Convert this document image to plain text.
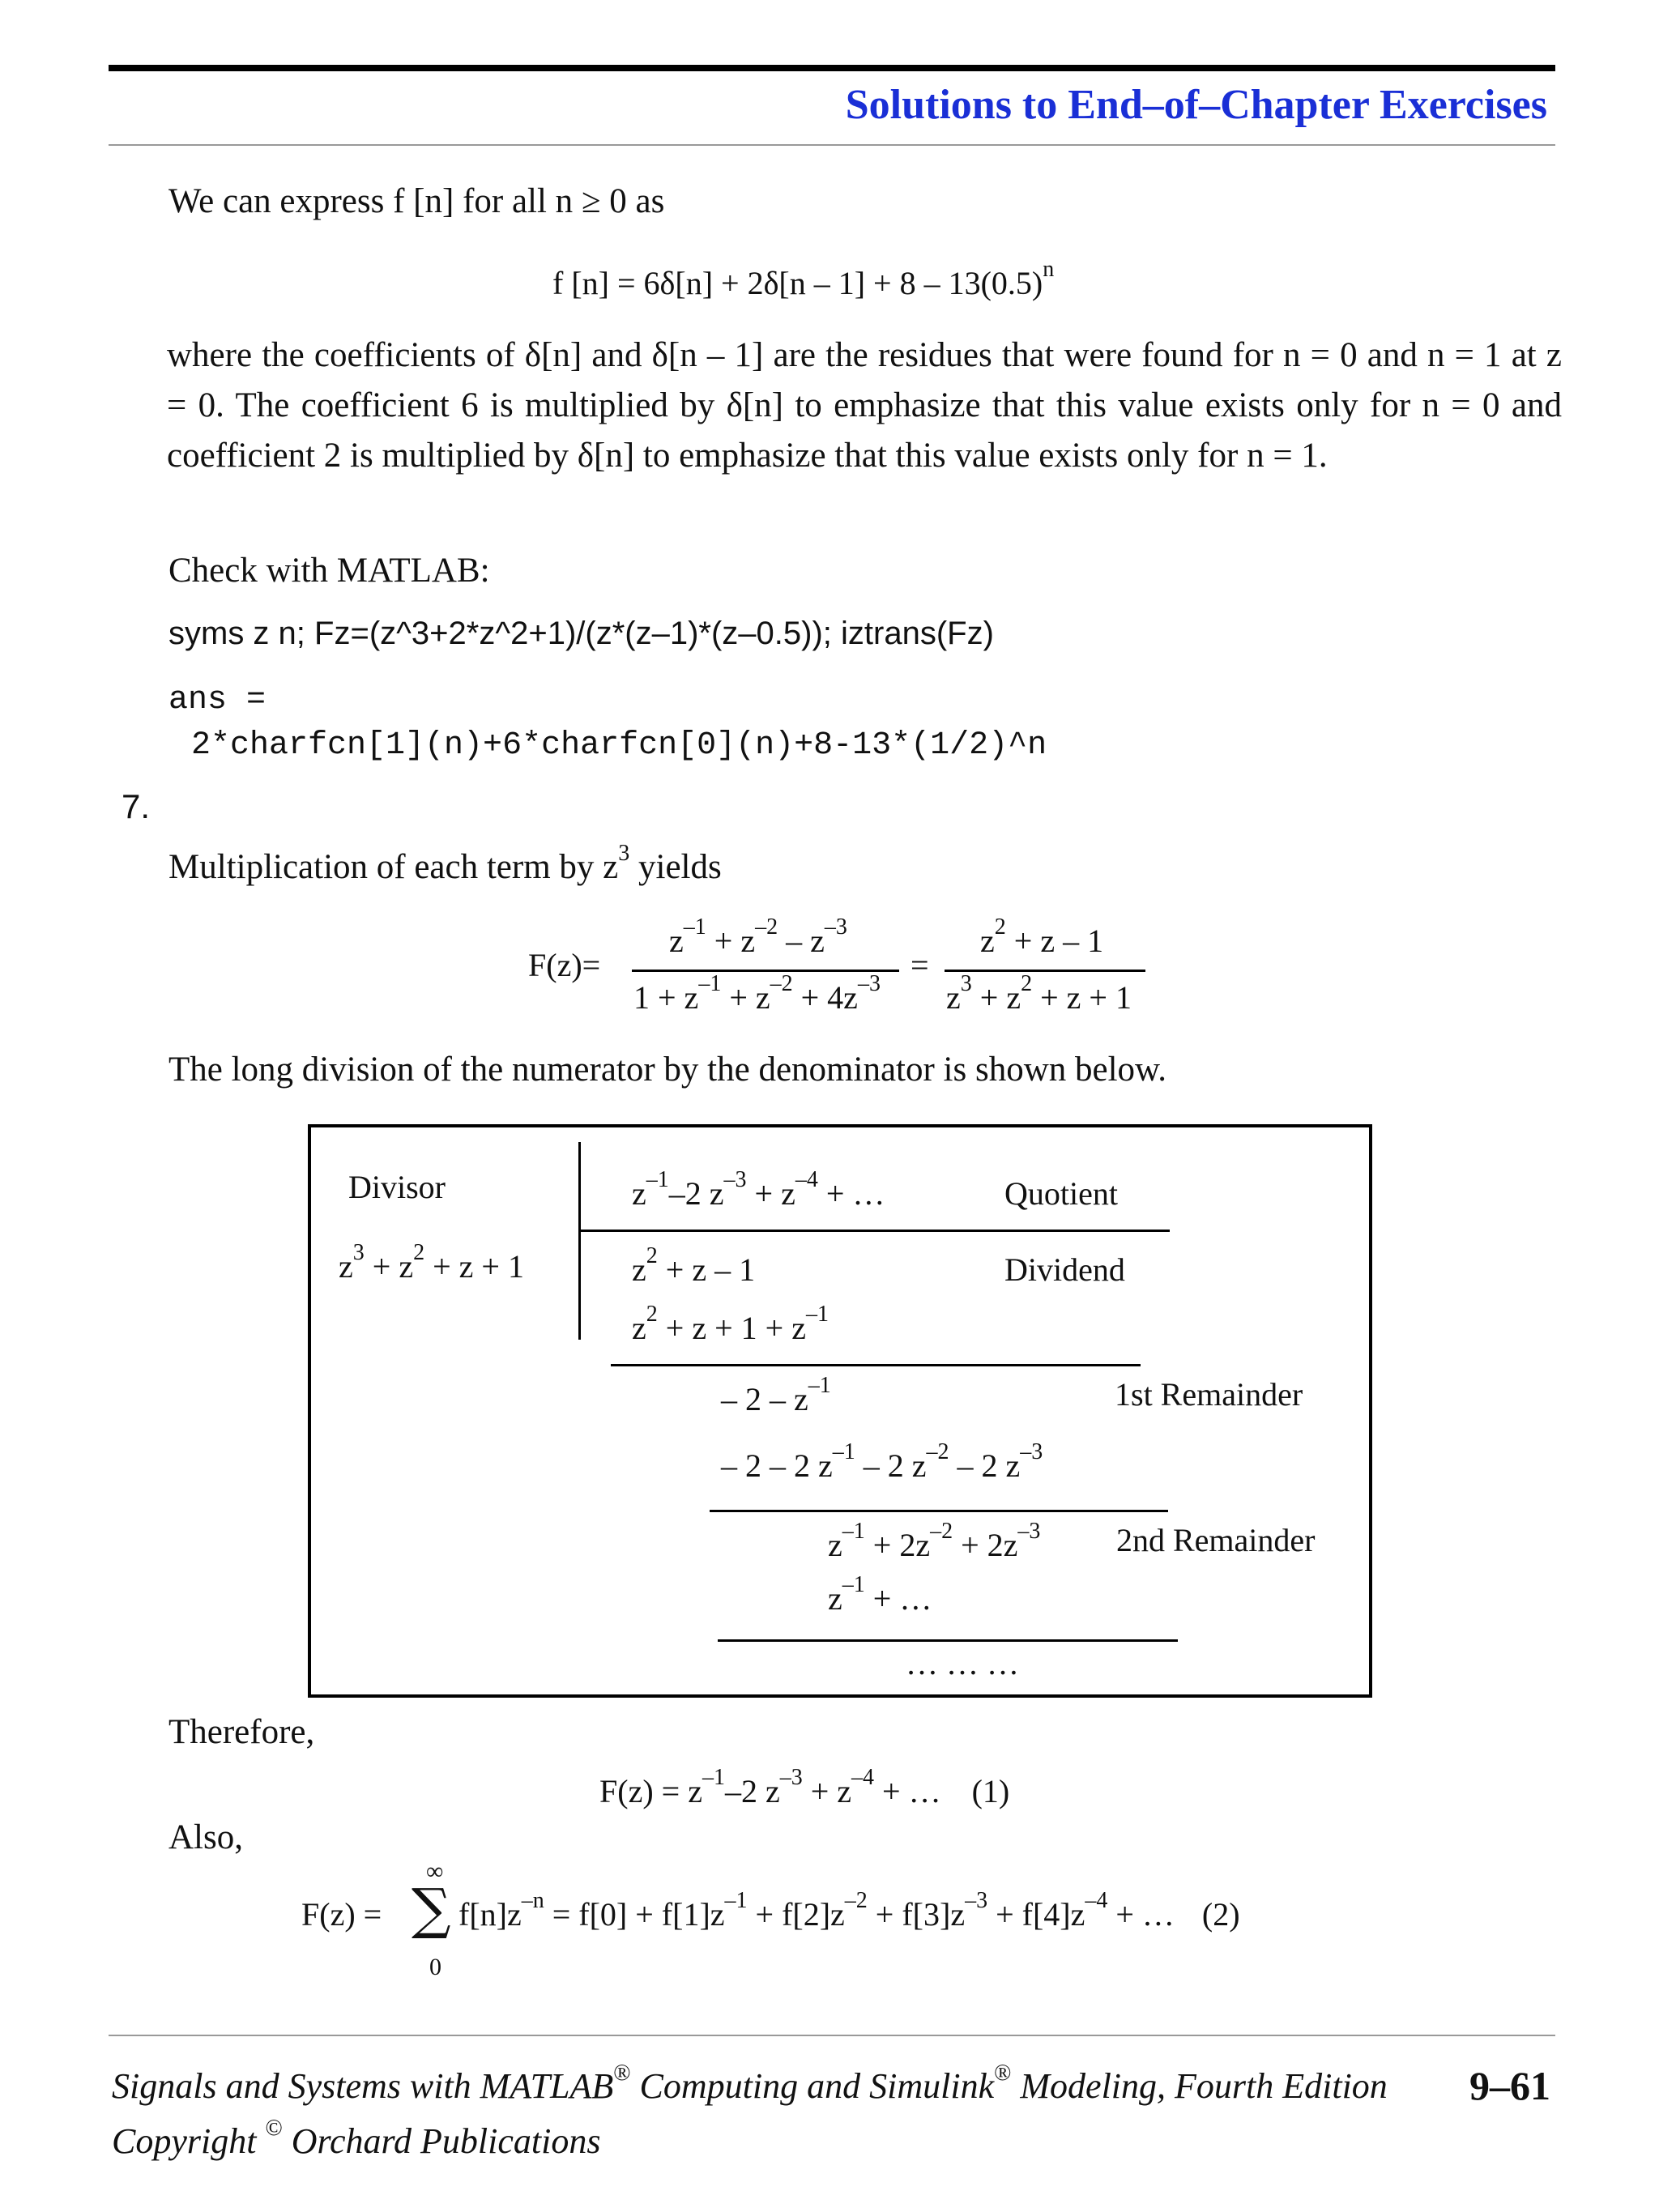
Solutions to End–of–Chapter Exercises
We can express f [n] for all n ≥ 0 as
f $[n] = 6\delta[n] + 2\delta[n - 1] + 8 - 13(0.5)^n$
where the coefficients of δ[n] and δ[n – 1] are the residues that were found for n = 0 and n = 1 at z = 0. The coefficient 6 is multiplied by δ[n] to emphasize that this value exists only for n = 0 and coefficient 2 is multiplied by δ[n] to emphasize that this value exists only for n = 1.
Check with MATLAB:
syms z n; Fz=(z^3+2*z^2+1)/(z*(z–1)*(z–0.5)); iztrans(Fz)
ans =
2*charfcn[1](n)+6*charfcn[0](n)+8-13*(1/2)^n
7.
Multiplication of each term by $z^3$ yields
F(z)=
$z^{-1} + z^{-2} - z^{-3}$
$1 + z^{-1} + z^{-2} + 4z^{-3}$
=
$z^2 + z - 1$
$z^3 + z^2 + z + 1$
The long division of the numerator by the denominator is shown below.
Divisor
$z^3 + z^2 + z + 1$
$z^{-1}-2$ $z^{-3} + z^{-4}$ + …	Quotient
$z^2 + z - 1$	Dividend
$z^2 + z + 1 + z^{-1}$
– $2 - z^{-1}$	1st Remainder
– 2 – 2 $z^{-1} - 2$ $z^{-2} - 2$ $z^{-3}$
$z^{-1} + 2z^{-2} + 2z^{-3}$ 2nd Remainder
$z^{-1}$ + …
… … …
Therefore,
$F(z) = z^{-1}-2$ $z^{-3} + z^{-4}$ + … (1)
Also,
F(z) =
∞
∑
0
$f[n]z^{-n} = f[0] + f[1]z^{-1} + f[2]z^{-2} + f[3]z^{-3} + f[4]z^{-4}$ + … (2)
Signals and Systems with MATLAB® Computing and Simulink® Modeling, Fourth Edition 9–61
Copyright © Orchard Publications
